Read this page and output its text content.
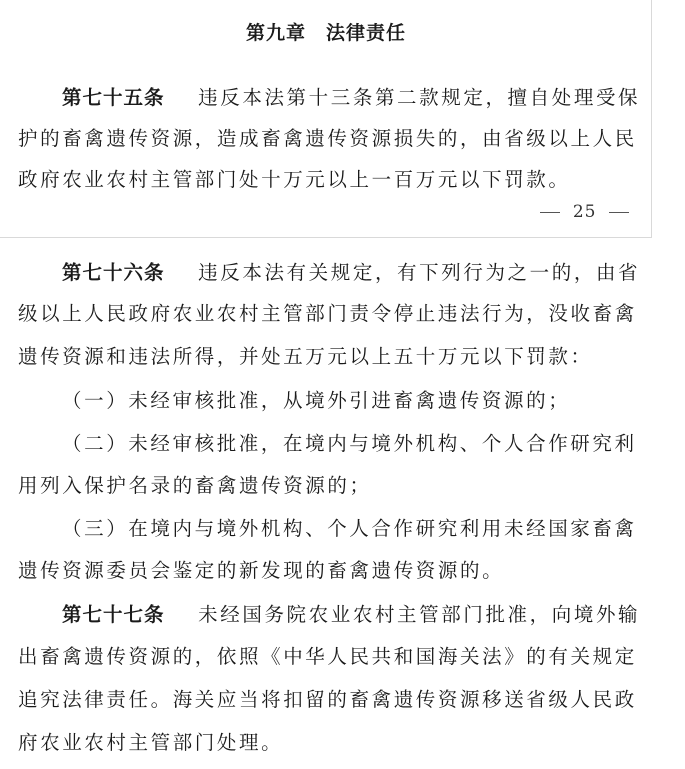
第九章　法律责任
第七十五条 违反本法第十三条第二款规定，擅自处理受保
护的畜禽遗传资源，造成畜禽遗传资源损失的，由省级以上人民
政府农业农村主管部门处十万元以上一百万元以下罚款。
25
第七十六条 违反本法有关规定，有下列行为之一的，由省
级以上人民政府农业农村主管部门责令停止违法行为，没收畜禽
遗传资源和违法所得，并处五万元以上五十万元以下罚款：
（一）未经审核批准，从境外引进畜禽遗传资源的；
（二）未经审核批准，在境内与境外机构、个人合作研究利
用列入保护名录的畜禽遗传资源的；
（三）在境内与境外机构、个人合作研究利用未经国家畜禽
遗传资源委员会鉴定的新发现的畜禽遗传资源的。
第七十七条 未经国务院农业农村主管部门批准，向境外输
出畜禽遗传资源的，依照《中华人民共和国海关法》的有关规定
追究法律责任。海关应当将扣留的畜禽遗传资源移送省级人民政
府农业农村主管部门处理。
